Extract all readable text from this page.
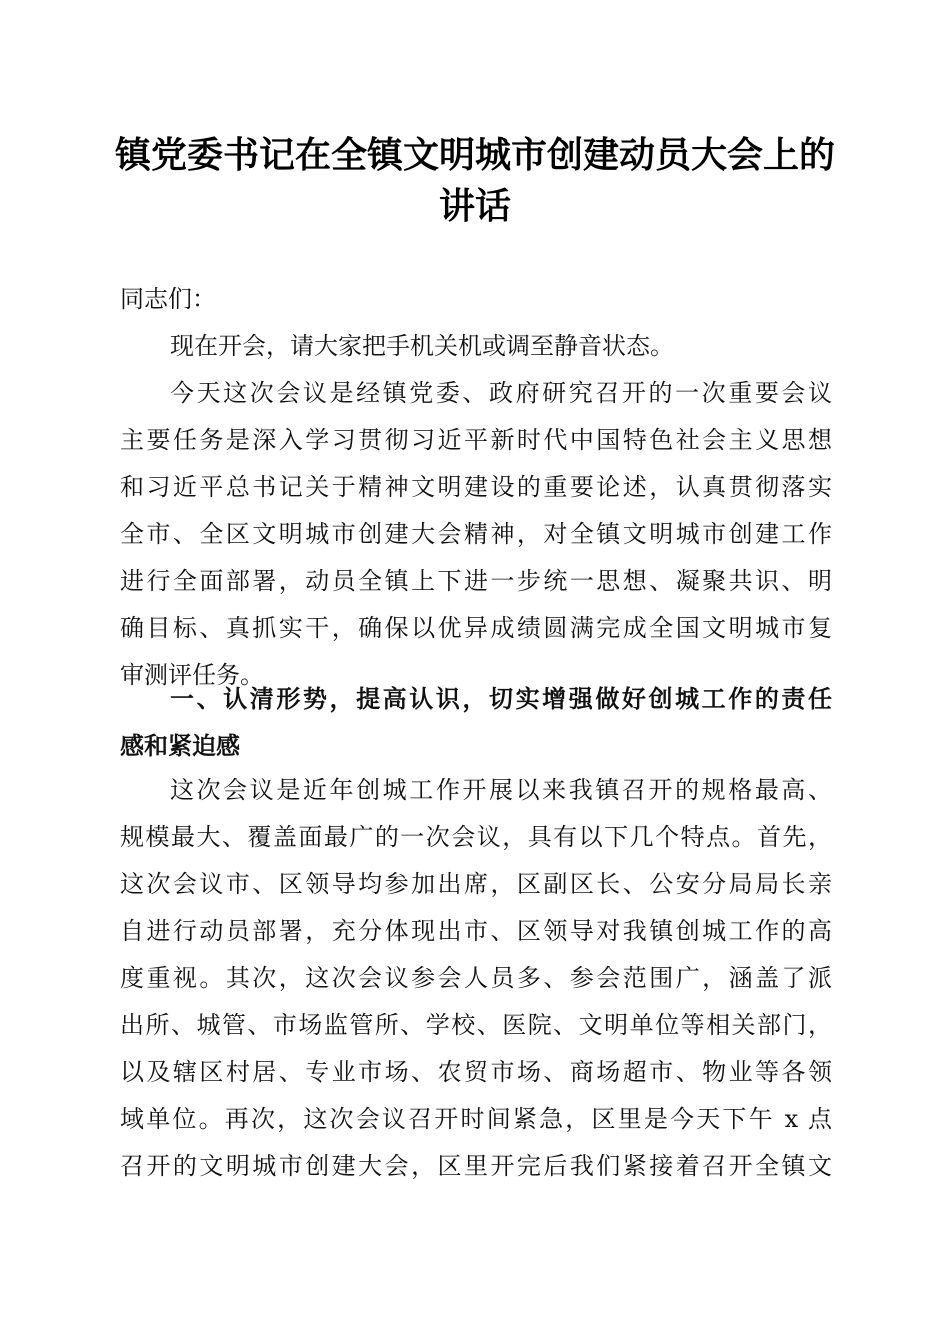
镇党委书记在全镇文明城市创建动员大会上的
讲话
同志们：
现在开会，请大家把手机关机或调至静音状态。
今天这次会议是经镇党委、政府研究召开的一次重要会议
主要任务是深入学习贯彻习近平新时代中国特色社会主义思想
和习近平总书记关于精神文明建设的重要论述，认真贯彻落实
全市、全区文明城市创建大会精神，对全镇文明城市创建工作
进行全面部署，动员全镇上下进一步统一思想、凝聚共识、明
确目标、真抓实干，确保以优异成绩圆满完成全国文明城市复
审测评任务。
一、认清形势，提高认识，切实增强做好创城工作的责任
感和紧迫感
这次会议是近年创城工作开展以来我镇召开的规格最高、
规模最大、覆盖面最广的一次会议，具有以下几个特点。首先，
这次会议市、区领导均参加出席，区副区长、公安分局局长亲
自进行动员部署，充分体现出市、区领导对我镇创城工作的高
度重视。其次，这次会议参会人员多、参会范围广，涵盖了派
出所、城管、市场监管所、学校、医院、文明单位等相关部门，
以及辖区村居、专业市场、农贸市场、商场超市、物业等各领
域单位。再次，这次会议召开时间紧急，区里是今天下午 x 点
召开的文明城市创建大会，区里开完后我们紧接着召开全镇文
